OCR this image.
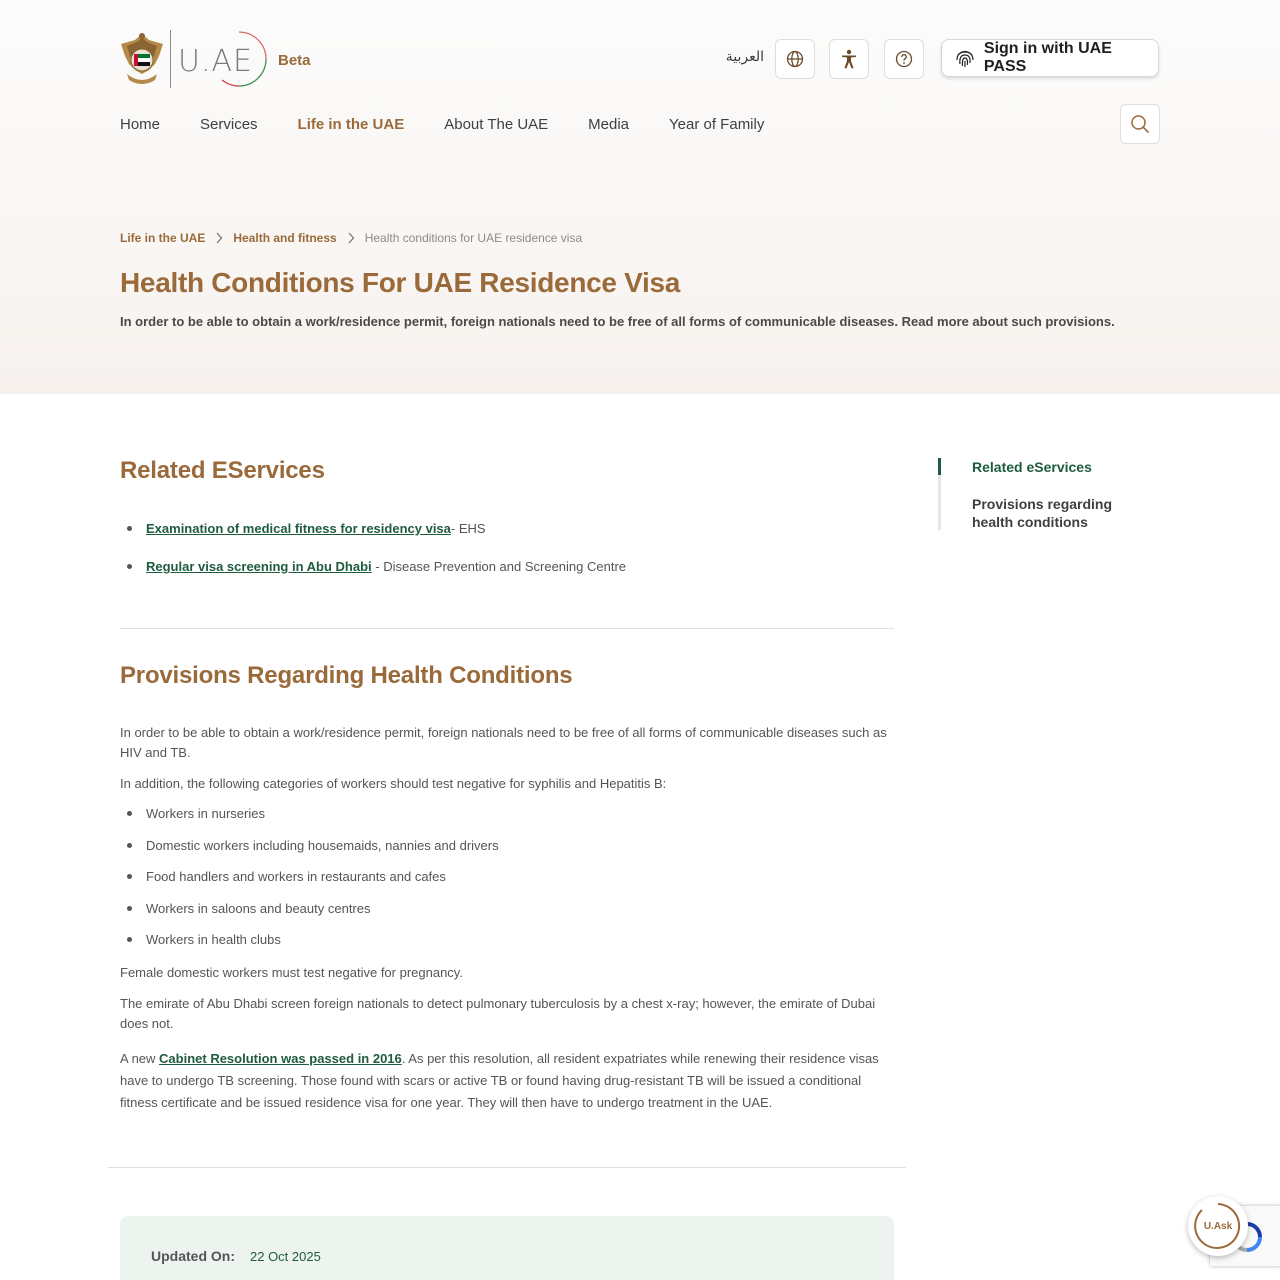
U.AE Beta	العربية	Sign in with UAE PASS
Home	Services	Life in the UAE	About The UAE	Media	Year of Family
Life in the UAE Health and fitness Health conditions for UAE residence visa
Health Conditions For UAE Residence Visa

In order to be able to obtain a work/residence permit, foreign nationals need to be free of all forms of communicable diseases. Read more about such provisions.

Related EServices
Examination of medical fitness for residency visa- EHS
Regular visa screening in Abu Dhabi - Disease Prevention and Screening Centre
Provisions Regarding Health Conditions

In order to be able to obtain a work/residence permit, foreign nationals need to be free of all forms of communicable diseases such as HIV and TB.

In addition, the following categories of workers should test negative for syphilis and Hepatitis B:

Workers in nurseries
Domestic workers including housemaids, nannies and drivers
Food handlers and workers in restaurants and cafes
Workers in saloons and beauty centres
Workers in health clubs

Female domestic workers must test negative for pregnancy.

The emirate of Abu Dhabi screen foreign nationals to detect pulmonary tuberculosis by a chest x-ray; however, the emirate of Dubai does not.

A new Cabinet Resolution was passed in 2016. As per this resolution, all resident expatriates while renewing their residence visas have to undergo TB screening. Those found with scars or active TB or found having drug-resistant TB will be issued a conditional fitness certificate and be issued residence visa for one year. They will then have to undergo treatment in the UAE.

Updated On: 22 Oct 2025
Related eServices
Provisions regarding health conditions
U.Ask
